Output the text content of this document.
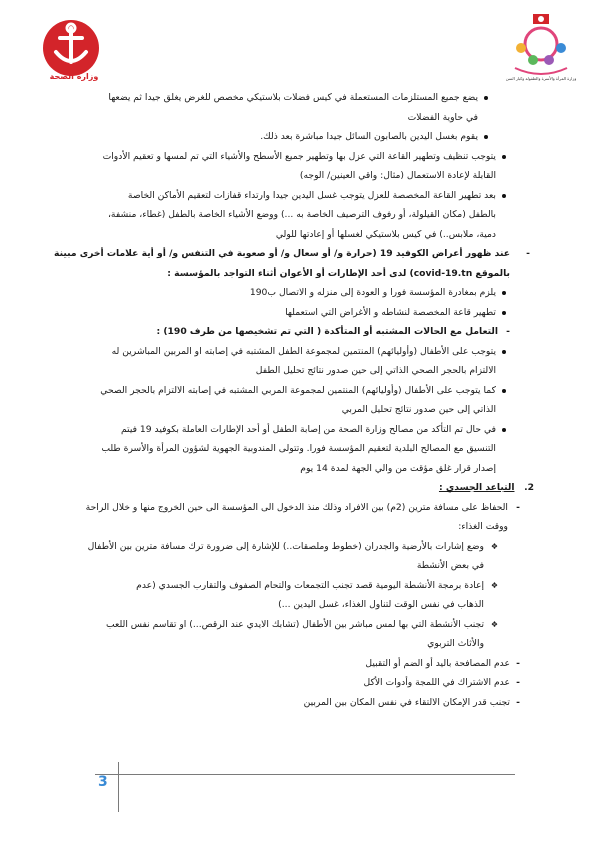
وزارة الصحة	وزارة المرأة والأسرة والطفولة وكبار السن
يضع جميع المستلزمات المستعملة في كيس فضلات بلاستيكي مخصص للغرض يغلق جيدا ثم يضعها
في حاوية الفضلات
يقوم بغسل اليدين بالصابون السائل جيدا مباشرة بعد ذلك.
يتوجب تنظيف وتطهير القاعة التي عزل بها وتطهير جميع الأسطح والأشياء التي تم لمسها و تعقيم الأدوات
القابلة لإعادة الاستعمال (مثال: واقي العينين/ الوجه)
بعد تطهير القاعة المخصصة للعزل يتوجب غسل اليدين جيدا وارتداء قفازات لتعقيم الأماكن الخاصة
بالطفل (مكان القيلولة، أو رفوف الترصيف الخاصة به ...) ووضع الأشياء الخاصة بالطفل (غطاء، منشفة،
دمية، ملابس..) في كيس بلاستيكي لغسلها أو إعادتها للولي
-
عند ظهور أعراض الكوفيد 19 (حرارة و/ أو سعال و/ أو صعوبة في التنفس و/ أو أية علامات أخرى مبينة
بالموقع covid-19.tn) لدى أحد الإطارات أو الأعوان أثناء التواجد بالمؤسسة :
يلزم بمغادرة المؤسسة فورا و العودة إلى منزله و الاتصال ب190
تطهير قاعة المخصصة لنشاطه و الأغراض التي استعملها
-
التعامل مع الحالات المشتبه أو المتأكدة ( التي تم تشخيصها من طرف 190) :
يتوجب على الأطفال (وأوليائهم) المنتمين لمجموعة الطفل المشتبه في إصابته او المربين المباشرين له
الالتزام بالحجر الصحي الذاتي إلى حين صدور نتائج تحليل الطفل
كما يتوجب على الأطفال (وأوليائهم) المنتمين لمجموعة المربي المشتبه في إصابته الالتزام بالحجر الصحي
الذاتي إلى حين صدور نتائج تحليل المربي
في حال تم التأكد من مصالح وزارة الصحة من إصابة الطفل أو أحد الإطارات العاملة بكوفيد 19 فيتم
التنسيق مع المصالح البلدية لتعقيم المؤسسة فورا. وتتولى المندوبية الجهوية لشؤون المرأة والأسرة طلب
إصدار قرار غلق مؤقت من والي الجهة لمدة 14 يوم
2.   التباعد الجسدي :
-
الحفاظ على مسافة مترين (2م) بين الافراد وذلك منذ الدخول الى المؤسسة الى حين الخروج منها و خلال الراحة
ووقت الغذاء:
❖
وضع إشارات بالأرضية والجدران (خطوط وملصقات..) للإشارة إلى ضرورة ترك مسافة مترين بين الأطفال
في بعض الأنشطة
❖
إعادة برمجة الأنشطة اليومية قصد تجنب التجمعات والتحام الصفوف والتقارب الجسدي (عدم
الذهاب في نفس الوقت لتناول الغذاء، غسل اليدين ...)
❖
تجنب الأنشطة التي بها لمس مباشر بين الأطفال (تشابك الايدي عند الرقص...) او تقاسم نفس اللعب
والأثاث التربوي
-
عدم المصافحة باليد أو الضم أو التقبيل
-
عدم الاشتراك في اللمجة وأدوات الأكل
-
تجنب قدر الإمكان الالتقاء في نفس المكان بين المربين
3
